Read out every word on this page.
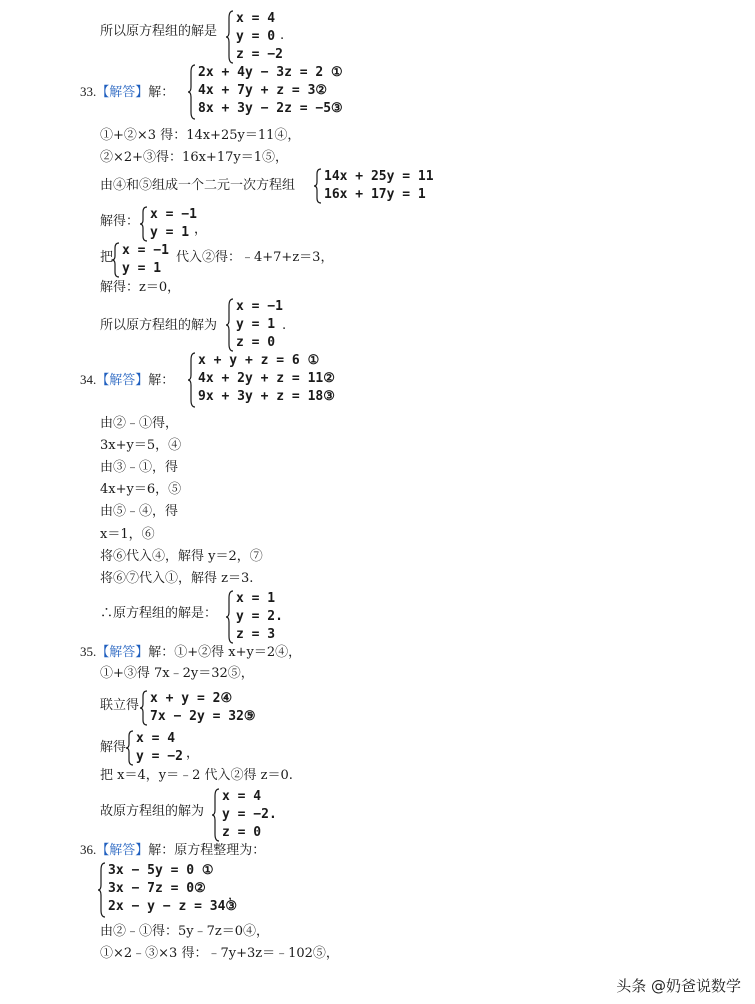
所以原方程组的解是
x = 4
y = 0
z = −2
.
33.【解答】解：
2x + 4y − 3z = 2 ①
4x + 7y + z = 3②
8x + 3y − 2z = −5③
①+②×3 得：14x+25y＝11④，
②×2+③得：16x+17y＝1⑤，
由④和⑤组成一个二元一次方程组
14x + 25y = 11
16x + 17y = 1
，
解得： x = −1
y = 1 ，
把 x = −1
y = 1
代入②得：﹣4+7+z＝3，
解得：z＝0，
所以原方程组的解为
x = −1
y = 1
z = 0
.
34.【解答】解：
x + y + z = 6 ①
4x + 2y + z = 11②
9x + 3y + z = 18③
由②﹣①得，
3x+y＝5，④
由③﹣①，得
4x+y＝6，⑤
由⑤﹣④，得
x＝1，⑥
将⑥代入④，解得 y＝2，⑦
将⑥⑦代入①，解得 z＝3.
∴原方程组的解是：
x = 1
y = 2.
z = 3
35.【解答】解：①+②得 x+y＝2④，
①+③得 7x﹣2y＝32⑤，
联立得 x + y = 2④
7x − 2y = 32⑤
，
解得
x = 4
y = −2 ，
把 x＝4，y＝﹣2 代入②得 z＝0.
故原方程组的解为
x = 4
y = −2.
z = 0
36.【解答】解：原方程整理为：
3x − 5y = 0 ①
3x − 7z = 0②
2x − y − z = 34③
，
由②﹣①得：5y﹣7z＝0④，
①×2﹣③×3 得：﹣7y+3z＝﹣102⑤，
头条 @奶爸说数学
